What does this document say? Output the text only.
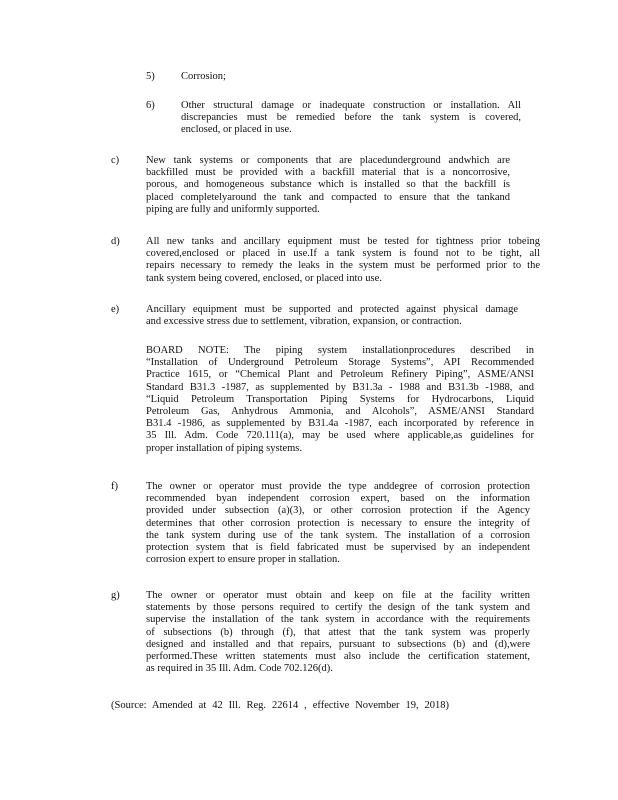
5)	Corrosion;
6)	Other structural damage or inadequate construction or installation. All
discrepancies must be remedied before the tank system is covered,
enclosed, or placed in use.
c)	New tank systems or components that are placedunderground andwhich are
backfilled must be provided with a backfill material that is a noncorrosive,
porous, and homogeneous substance which is installed so that the backfill is
placed completelyaround the tank and compacted to ensure that the tankand
piping are fully and uniformly supported.
d)	All new tanks and ancillary equipment must be tested for tightness prior tobeing
covered,enclosed or placed in use.If a tank system is found not to be tight, all
repairs necessary to remedy the leaks in the system must be performed prior to the
tank system being covered, enclosed, or placed into use.
e)	Ancillary equipment must be supported and protected against physical damage
and excessive stress due to settlement, vibration, expansion, or contraction.
BOARD NOTE: The piping system installationprocedures described in
“Installation of Underground Petroleum Storage Systems”, API Recommended
Practice 1615, or “Chemical Plant and Petroleum Refinery Piping”, ASME/ANSI
Standard B31.3 -1987, as supplemented by B31.3a - 1988 and B31.3b -1988, and
“Liquid Petroleum Transportation Piping Systems for Hydrocarbons, Liquid
Petroleum Gas, Anhydrous Ammonia, and Alcohols”, ASME/ANSI Standard
B31.4 -1986, as supplemented by B31.4a -1987, each incorporated by reference in
35 Ill. Adm. Code 720.111(a), may be used where applicable,as guidelines for
proper installation of piping systems.
f)	The owner or operator must provide the type anddegree of corrosion protection
recommended byan independent corrosion expert, based on the information
provided under subsection (a)(3), or other corrosion protection if the Agency
determines that other corrosion protection is necessary to ensure the integrity of
the tank system during use of the tank system. The installation of a corrosion
protection system that is field fabricated must be supervised by an independent
corrosion expert to ensure proper in stallation.
g)	The owner or operator must obtain and keep on file at the facility written
statements by those persons required to certify the design of the tank system and
supervise the installation of the tank system in accordance with the requirements
of subsections (b) through (f), that attest that the tank system was properly
designed and installed and that repairs, pursuant to subsections (b) and (d),were
performed.These written statements must also include the certification statement,
as required in 35 Ill. Adm. Code 702.126(d).
(Source: Amended at 42 Ill. Reg. 22614 , effective November 19, 2018)
